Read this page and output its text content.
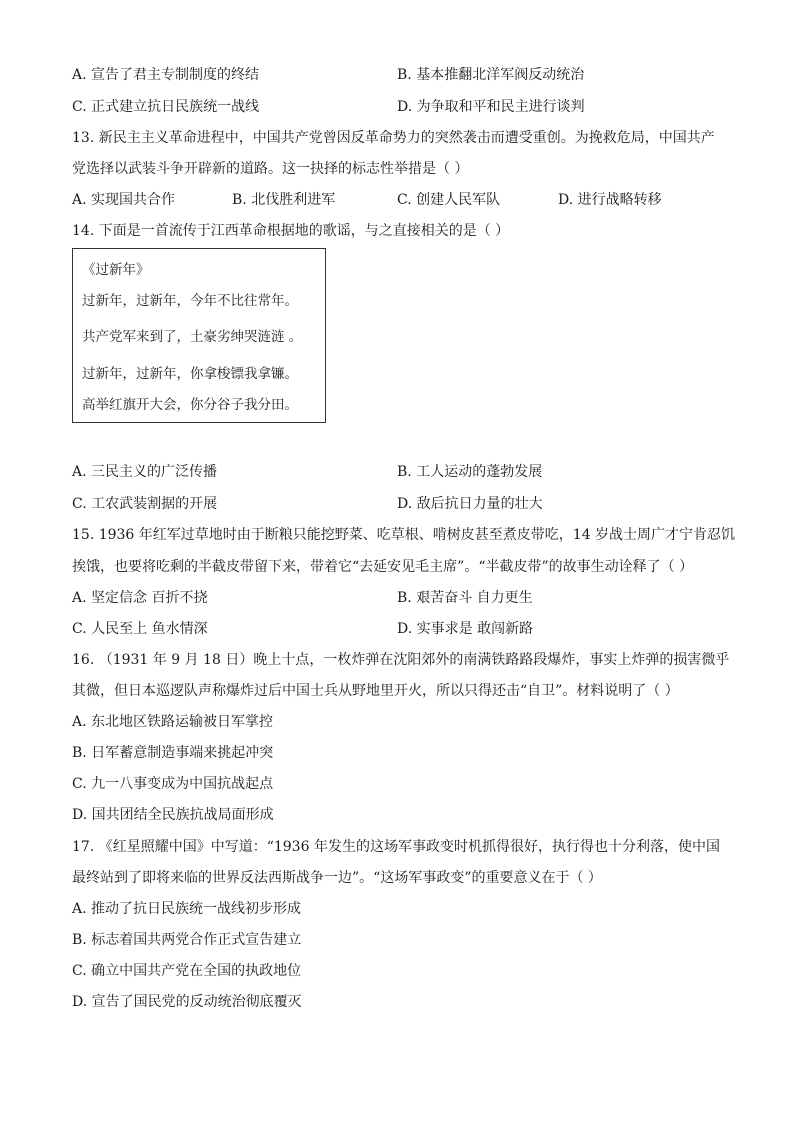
A. 宣告了君主专制制度的终结	B. 基本推翻北洋军阀反动统治
C. 正式建立抗日民族统一战线	D. 为争取和平和民主进行谈判
13. 新民主主义革命进程中，中国共产党曾因反革命势力的突然袭击而遭受重创。为挽救危局，中国共产
党选择以武装斗争开辟新的道路。这一抉择的标志性举措是（ ）
A. 实现国共合作	B. 北伐胜利进军	C. 创建人民军队	D. 进行战略转移
14. 下面是一首流传于江西革命根据地的歌谣，与之直接相关的是（ ）
《过新年》
过新年，过新年，今年不比往常年。
共产党军来到了，土豪劣绅哭涟涟 。
过新年，过新年，你拿梭镖我拿镰。
高举红旗开大会，你分谷子我分田。
A. 三民主义的广泛传播	B. 工人运动的蓬勃发展
C. 工农武装割据的开展	D. 敌后抗日力量的壮大
15. 1936 年红军过草地时由于断粮只能挖野菜、吃草根、啃树皮甚至煮皮带吃，14 岁战士周广才宁肯忍饥
挨饿，也要将吃剩的半截皮带留下来，带着它“去延安见毛主席”。“半截皮带”的故事生动诠释了（ ）
A. 坚定信念 百折不挠	B. 艰苦奋斗 自力更生
C. 人民至上 鱼水情深	D. 实事求是 敢闯新路
16. （1931 年 9 月 18 日）晚上十点，一枚炸弹在沈阳郊外的南满铁路路段爆炸，事实上炸弹的损害微乎
其微，但日本巡逻队声称爆炸过后中国士兵从野地里开火，所以只得还击“自卫”。材料说明了（ ）
A. 东北地区铁路运输被日军掌控
B. 日军蓄意制造事端来挑起冲突
C. 九一八事变成为中国抗战起点
D. 国共团结全民族抗战局面形成
17. 《红星照耀中国》中写道：“1936 年发生的这场军事政变时机抓得很好，执行得也十分利落，使中国
最终站到了即将来临的世界反法西斯战争一边”。“这场军事政变”的重要意义在于（ ）
A. 推动了抗日民族统一战线初步形成
B. 标志着国共两党合作正式宣告建立
C. 确立中国共产党在全国的执政地位
D. 宣告了国民党的反动统治彻底覆灭
